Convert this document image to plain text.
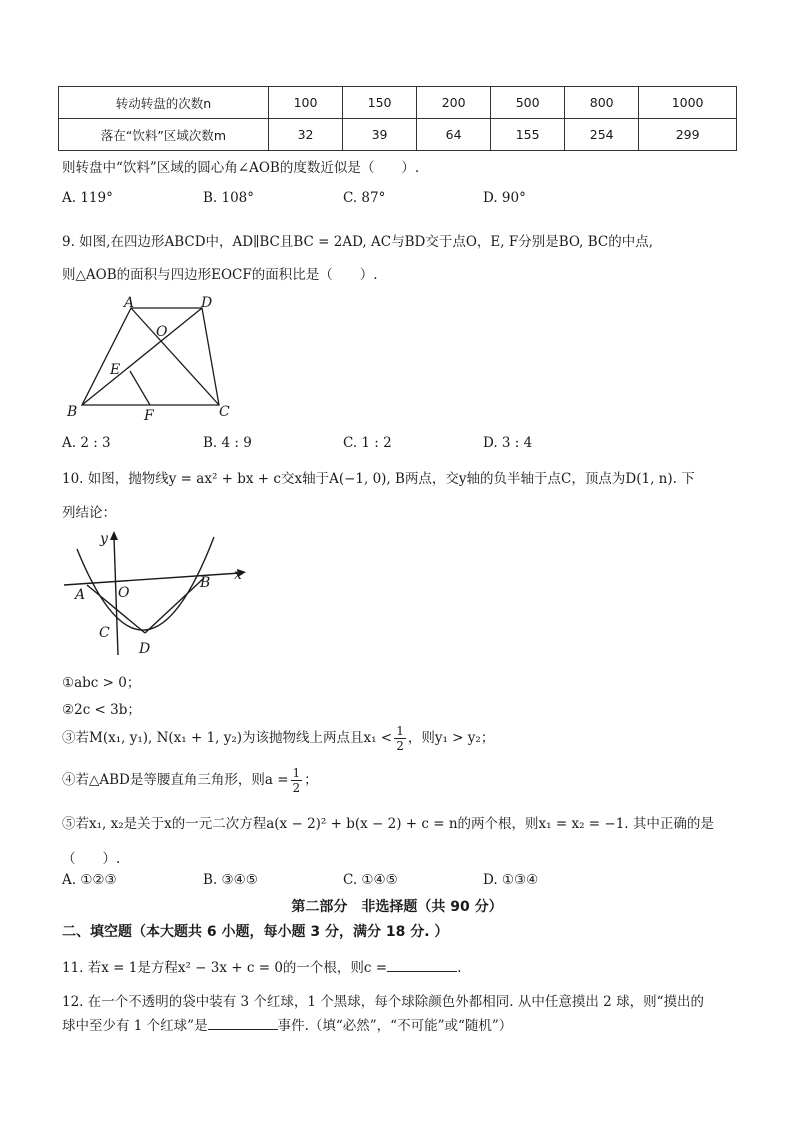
转动转盘的次数n	100	150	200	500	800	1000
落在“饮料”区域次数m	32	39	64	155	254	299
则转盘中“饮料”区域的圆心角∠AOB的度数近似是（　　）.
A. 119°	B. 108°	C. 87°	D. 90°
9. 如图,在四边形ABCD中，AD∥BC且BC = 2AD, AC与BD交于点O，E, F分别是BO, BC的中点,
则△AOB的面积与四边形EOCF的面积比是（　　）.
A	D
O
E
B	F	C
A. 2 : 3	B. 4 : 9	C. 1 : 2	D. 3 : 4
10. 如图，抛物线y = ax² + bx + c交x轴于A(−1, 0), B两点，交y轴的负半轴于点C，顶点为D(1, n). 下
列结论：
y
x
A O
B
C
D
①abc > 0；
②2c < 3b；
③若M(x₁, y₁), N(x₁ + 1, y₂)为该抛物线上两点且$x_1 < \frac{1}{2}$ ，则y₁ > y₂；
④若△ABD是等腰直角三角形，则$a = \frac{1}{2}$ ；
⑤若x₁, x₂是关于x的一元二次方程a(x − 2)² + b(x − 2) + c = n的两个根，则x₁ = x₂ = −1. 其中正确的是
（　　）.
A. ①②③	B. ③④⑤	C. ①④⑤	D. ①③④
第二部分　非选择题（共 90 分）
二、填空题（本大题共 6 小题，每小题 3 分，满分 18 分. ）
11. 若x = 1是方程x² − 3x + c = 0的一个根，则c =	.
12. 在一个不透明的袋中装有 3 个红球，1 个黑球，每个球除颜色外都相同. 从中任意摸出 2 球，则“摸出的
球中至少有 1 个红球”是	事件.（填“必然”，“不可能”或“随机”）
